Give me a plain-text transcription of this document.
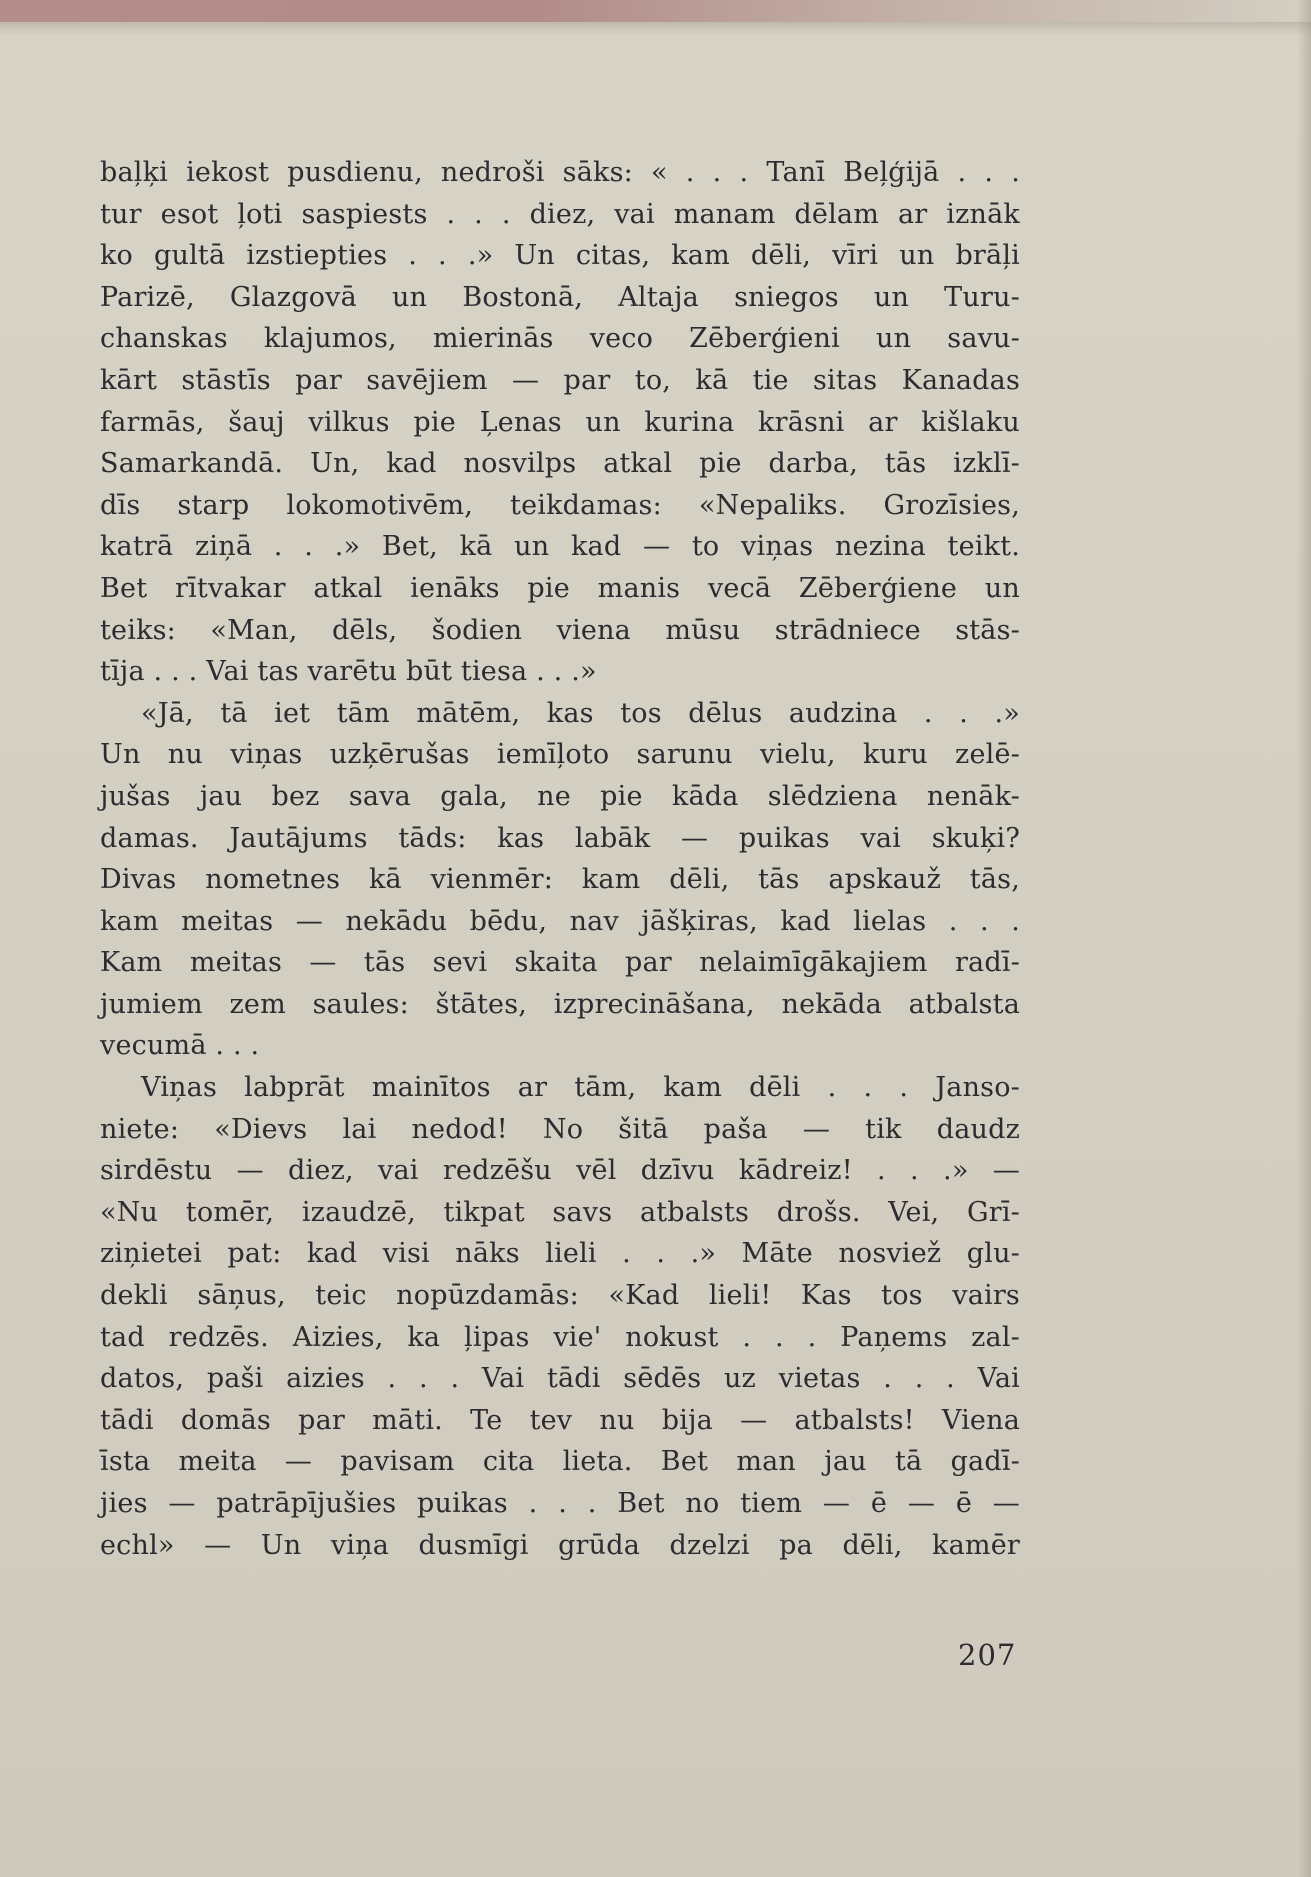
baļķi iekost pusdienu, nedroši sāks: « . . . Tanī Beļģijā . . .
tur esot ļoti saspiests . . . diez, vai manam dēlam ar iznāk
ko gultā izstiepties . . .» Un citas, kam dēli, vīri un brāļi
Parizē, Glazgovā un Bostonā, Altaja sniegos un Turu-
chanskas klajumos, mierinās veco Zēberģieni un savu-
kārt stāstīs par savējiem — par to, kā tie sitas Kanadas
farmās, šauj vilkus pie Ļenas un kurina krāsni ar kišlaku
Samarkandā. Un, kad nosvilps atkal pie darba, tās izklī-
dīs starp lokomotivēm, teikdamas: «Nepaliks. Grozīsies,
katrā ziņā . . .» Bet, kā un kad — to viņas nezina teikt.
Bet rītvakar atkal ienāks pie manis vecā Zēberģiene un
teiks: «Man, dēls, šodien viena mūsu strādniece stās-
tīja . . . Vai tas varētu būt tiesa . . .»
«Jā, tā iet tām mātēm, kas tos dēlus audzina . . .»
Un nu viņas uzķērušas iemīļoto sarunu vielu, kuru zelē-
jušas jau bez sava gala, ne pie kāda slēdziena nenāk-
damas. Jautājums tāds: kas labāk — puikas vai skuķi?
Divas nometnes kā vienmēr: kam dēli, tās apskauž tās,
kam meitas — nekādu bēdu, nav jāšķiras, kad lielas . . .
Kam meitas — tās sevi skaita par nelaimīgākajiem radī-
jumiem zem saules: štātes, izprecināšana, nekāda atbalsta
vecumā . . .
Viņas labprāt mainītos ar tām, kam dēli . . . Janso-
niete: «Dievs lai nedod! No šitā paša — tik daudz
sirdēstu — diez, vai redzēšu vēl dzīvu kādreiz! . . .» —
«Nu tomēr, izaudzē, tikpat savs atbalsts drošs. Vei, Grī-
ziņietei pat: kad visi nāks lieli . . .» Māte nosviež glu-
dekli sāņus, teic nopūzdamās: «Kad lieli! Kas tos vairs
tad redzēs. Aizies, ka ļipas vie' nokust . . . Paņems zal-
datos, paši aizies . . . Vai tādi sēdēs uz vietas . . . Vai
tādi domās par māti. Te tev nu bija — atbalsts! Viena
īsta meita — pavisam cita lieta. Bet man jau tā gadī-
jies — patrāpījušies puikas . . . Bet no tiem — ē — ē —
echl» — Un viņa dusmīgi grūda dzelzi pa dēli, kamēr
207
